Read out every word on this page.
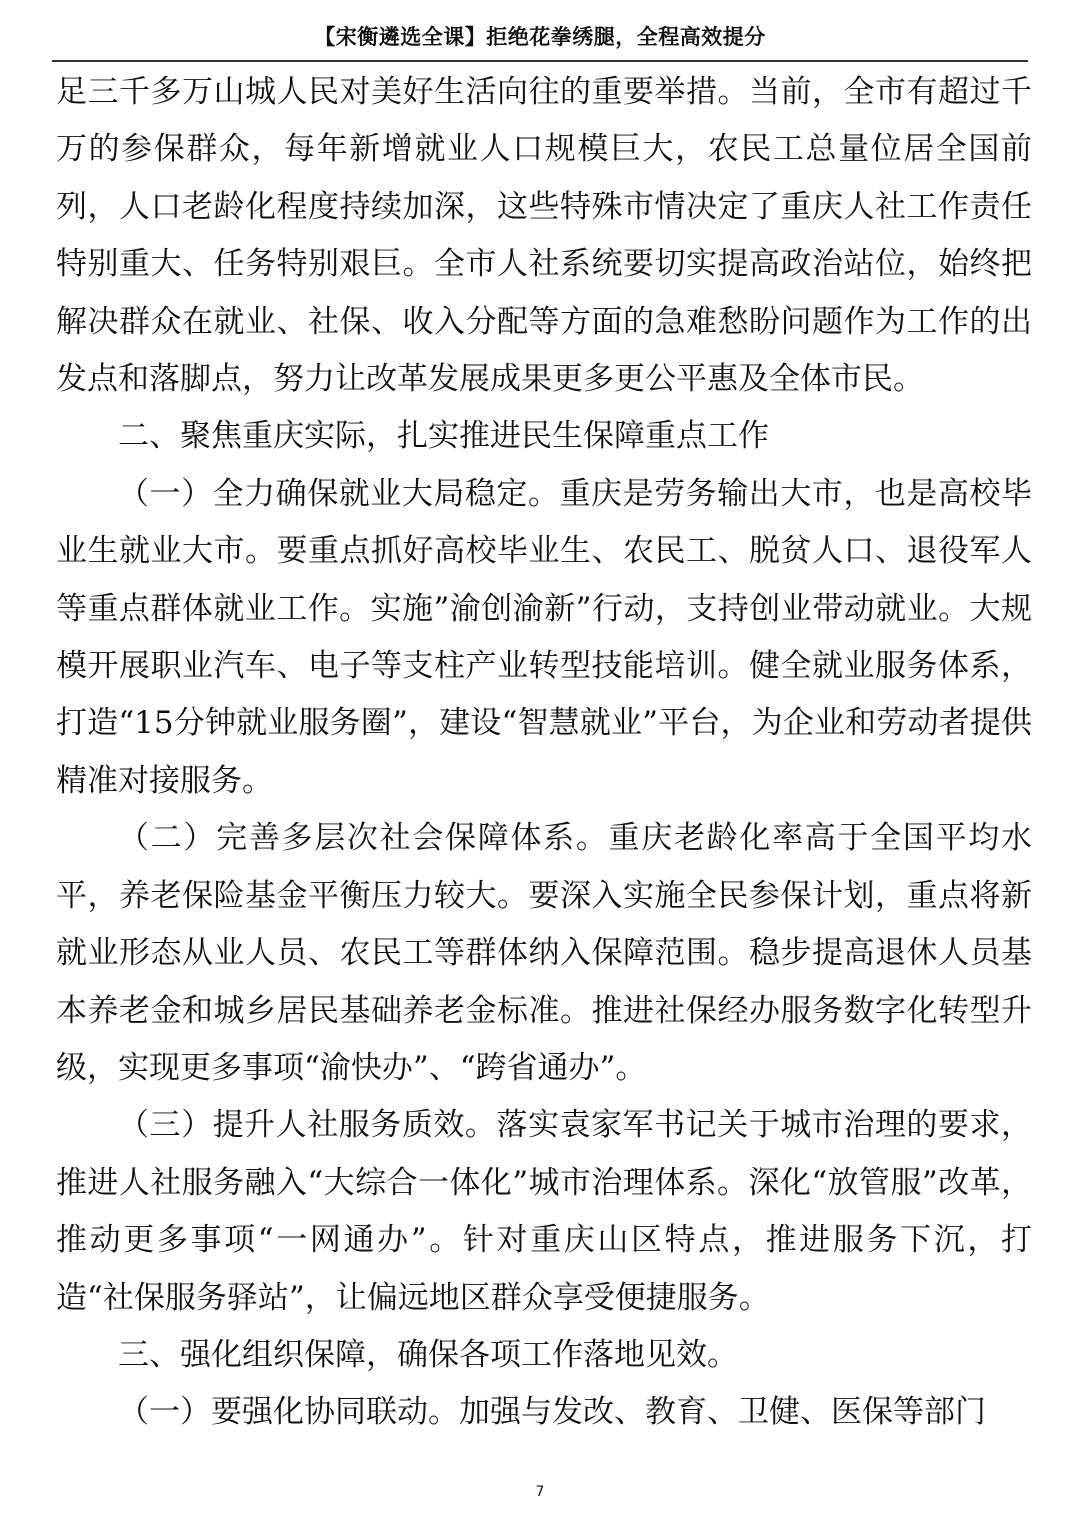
【宋衡遴选全课】拒绝花拳绣腿，全程高效提分

足三千多万山城人民对美好生活向往的重要举措。当前，全市有超过千万的参保群众，每年新增就业人口规模巨大，农民工总量位居全国前列，人口老龄化程度持续加深，这些特殊市情决定了重庆人社工作责任特别重大、任务特别艰巨。全市人社系统要切实提高政治站位，始终把解决群众在就业、社保、收入分配等方面的急难愁盼问题作为工作的出发点和落脚点，努力让改革发展成果更多更公平惠及全体市民。

二、聚焦重庆实际，扎实推进民生保障重点工作

（一）全力确保就业大局稳定。重庆是劳务输出大市，也是高校毕业生就业大市。要重点抓好高校毕业生、农民工、脱贫人口、退役军人等重点群体就业工作。实施”渝创渝新”行动，支持创业带动就业。大规模开展职业汽车、电子等支柱产业转型技能培训。健全就业服务体系，打造“15分钟就业服务圈”，建设“智慧就业”平台，为企业和劳动者提供精准对接服务。

（二）完善多层次社会保障体系。重庆老龄化率高于全国平均水平，养老保险基金平衡压力较大。要深入实施全民参保计划，重点将新就业形态从业人员、农民工等群体纳入保障范围。稳步提高退休人员基本养老金和城乡居民基础养老金标准。推进社保经办服务数字化转型升级，实现更多事项“渝快办”、“跨省通办”。

（三）提升人社服务质效。落实袁家军书记关于城市治理的要求，推进人社服务融入“大综合一体化”城市治理体系。深化“放管服”改革，推动更多事项“一网通办”。针对重庆山区特点，推进服务下沉，打造“社保服务驿站”，让偏远地区群众享受便捷服务。

三、强化组织保障，确保各项工作落地见效。

（一）要强化协同联动。加强与发改、教育、卫健、医保等部门

7
